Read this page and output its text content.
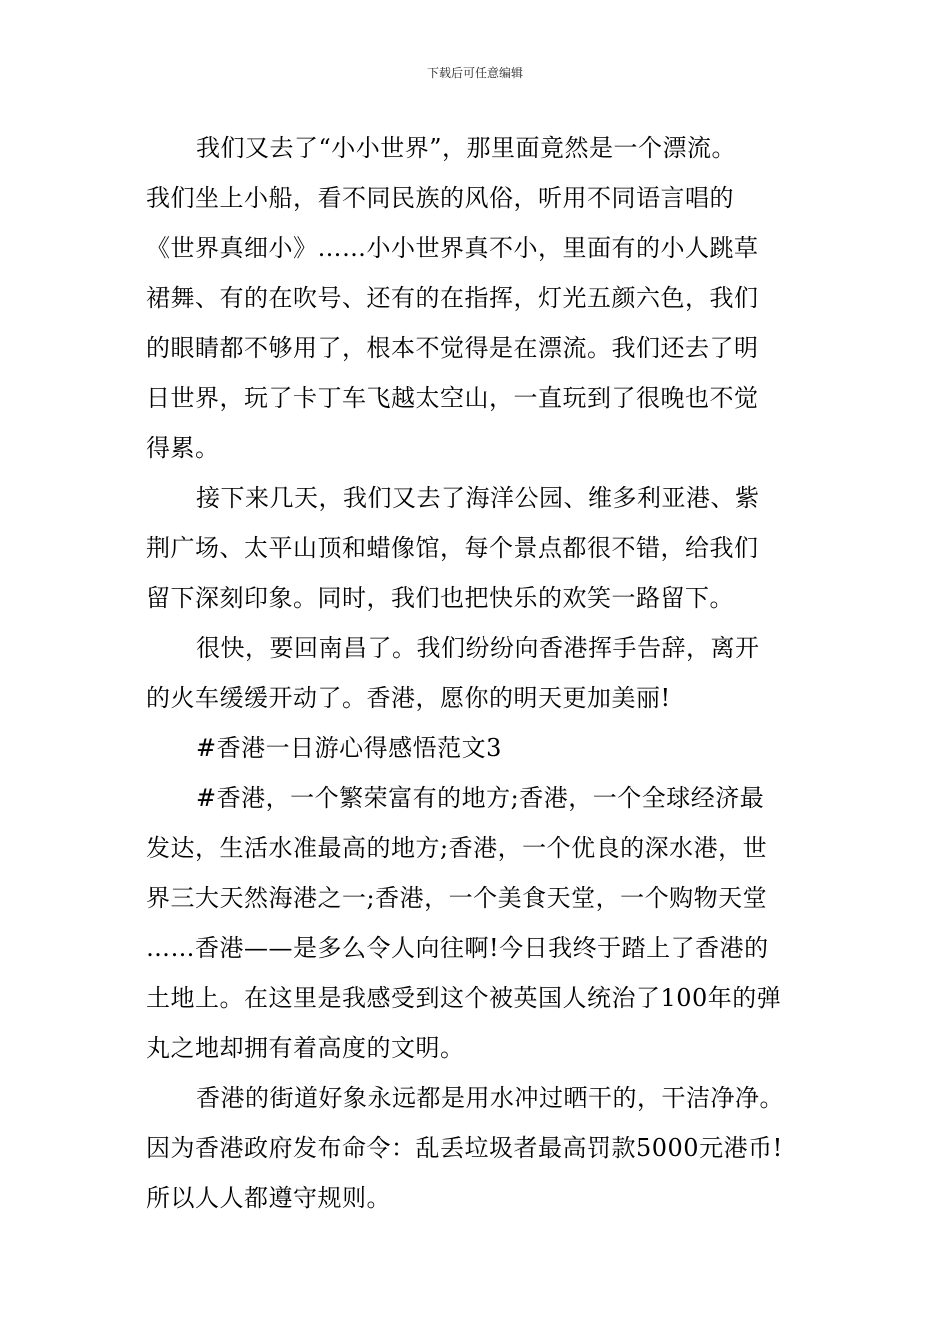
下载后可任意编辑
我们又去了“小小世界”，那里面竟然是一个漂流。
我们坐上小船，看不同民族的风俗，听用不同语言唱的
《世界真细小》……小小世界真不小，里面有的小人跳草
裙舞、有的在吹号、还有的在指挥，灯光五颜六色，我们
的眼睛都不够用了，根本不觉得是在漂流。我们还去了明
日世界，玩了卡丁车飞越太空山，一直玩到了很晚也不觉
得累。
接下来几天，我们又去了海洋公园、维多利亚港、紫
荆广场、太平山顶和蜡像馆，每个景点都很不错，给我们
留下深刻印象。同时，我们也把快乐的欢笑一路留下。
很快，要回南昌了。我们纷纷向香港挥手告辞，离开
的火车缓缓开动了。香港，愿你的明天更加美丽!
#香港一日游心得感悟范文3
#香港，一个繁荣富有的地方;香港，一个全球经济最
发达，生活水准最高的地方;香港，一个优良的深水港，世
界三大天然海港之一;香港，一个美食天堂，一个购物天堂
……香港——是多么令人向往啊!今日我终于踏上了香港的
土地上。在这里是我感受到这个被英国人统治了100年的弹
丸之地却拥有着高度的文明。
香港的街道好象永远都是用水冲过晒干的，干洁净净。
因为香港政府发布命令：乱丢垃圾者最高罚款5000元港币!
所以人人都遵守规则。
